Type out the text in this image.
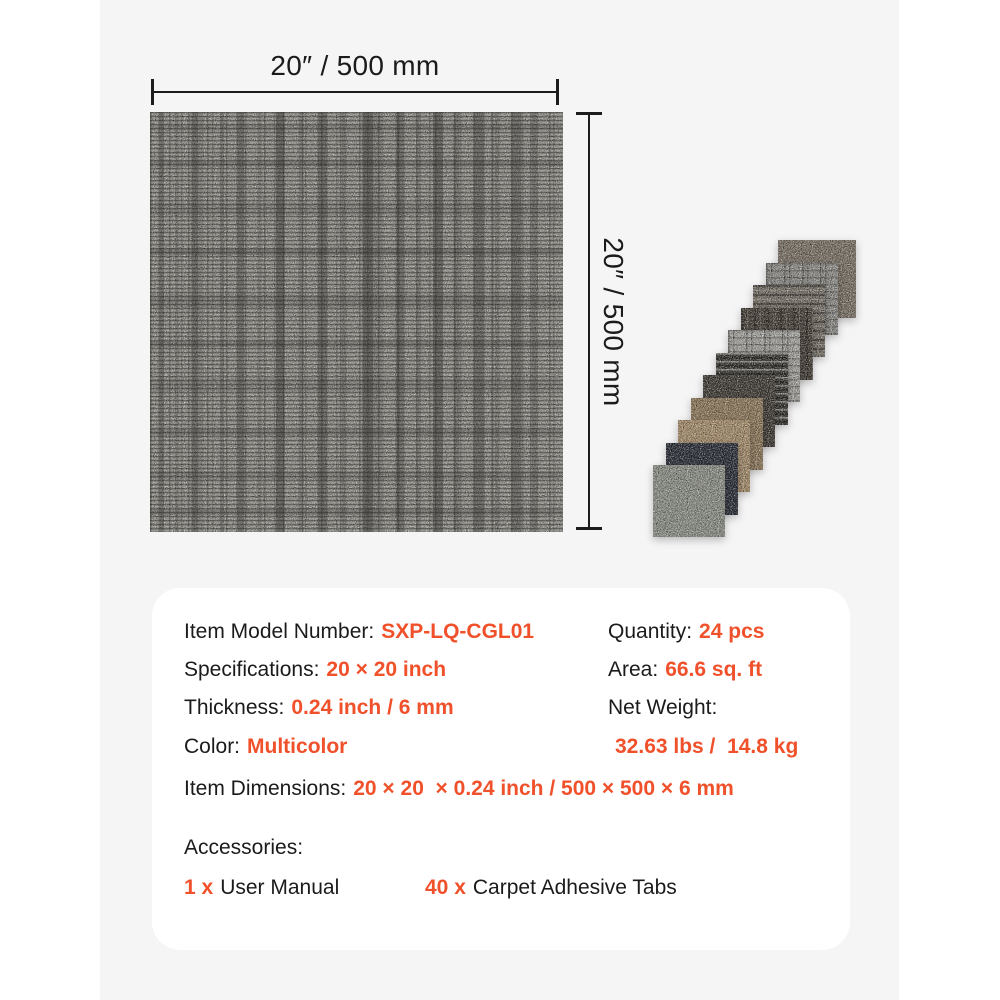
20″ / 500 mm
20″ / 500 mm
Item Model Number: SXP-LQ-CGL01
Specifications: 20 × 20 inch
Thickness: 0.24 inch / 6 mm
Color: Multicolor
Quantity: 24 pcs
Area: 66.6 sq. ft
Net Weight:
32.63 lbs /  14.8 kg
Item Dimensions: 20 × 20  × 0.24 inch / 500 × 500 × 6 mm
Accessories:
1 x User Manual	40 x Carpet Adhesive Tabs
